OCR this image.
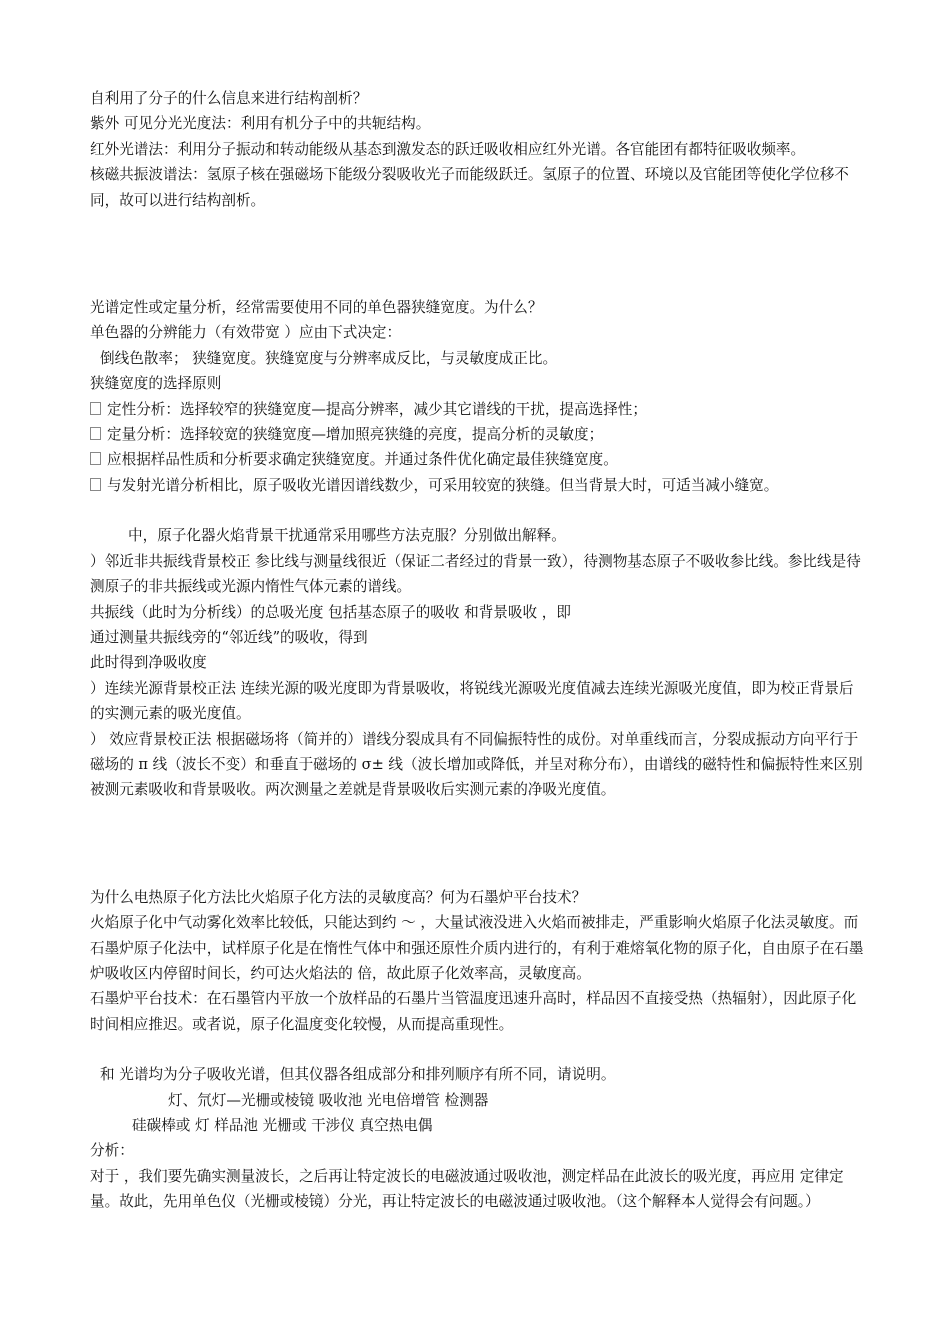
自利用了分子的什么信息来进行结构剖析？

紫外 可见分光光度法：利用有机分子中的共轭结构。

红外光谱法：利用分子振动和转动能级从基态到激发态的跃迁吸收相应红外光谱。各官能团有都特征吸收频率。

核磁共振波谱法：氢原子核在强磁场下能级分裂吸收光子而能级跃迁。氢原子的位置、环境以及官能团等使化学位移不同，故可以进行结构剖析。

光谱定性或定量分析，经常需要使用不同的单色器狭缝宽度。为什么？

单色器的分辨能力（有效带宽 ）应由下式决定：

倒线色散率； 狭缝宽度。狭缝宽度与分辨率成反比，与灵敏度成正比。

狭缝宽度的选择原则

定性分析：选择较窄的狭缝宽度—提高分辨率，减少其它谱线的干扰，提高选择性；

定量分析：选择较宽的狭缝宽度—增加照亮狭缝的亮度，提高分析的灵敏度；

应根据样品性质和分析要求确定狭缝宽度。并通过条件优化确定最佳狭缝宽度。

与发射光谱分析相比，原子吸收光谱因谱线数少，可采用较宽的狭缝。但当背景大时，可适当减小缝宽。

中，原子化器火焰背景干扰通常采用哪些方法克服？分别做出解释。

）邻近非共振线背景校正 参比线与测量线很近（保证二者经过的背景一致），待测物基态原子不吸收参比线。参比线是待测原子的非共振线或光源内惰性气体元素的谱线。

共振线（此时为分析线）的总吸光度 包括基态原子的吸收 和背景吸收 ，即

通过测量共振线旁的“邻近线”的吸收，得到

此时得到净吸收度

）连续光源背景校正法 连续光源的吸光度即为背景吸收，将锐线光源吸光度值减去连续光源吸光度值，即为校正背景后的实测元素的吸光度值。

） 效应背景校正法 根据磁场将（简并的）谱线分裂成具有不同偏振特性的成份。对单重线而言，分裂成振动方向平行于磁场的 π 线（波长不变）和垂直于磁场的 σ± 线（波长增加或降低，并呈对称分布），由谱线的磁特性和偏振特性来区别被测元素吸收和背景吸收。两次测量之差就是背景吸收后实测元素的净吸光度值。

为什么电热原子化方法比火焰原子化方法的灵敏度高？何为石墨炉平台技术？

火焰原子化中气动雾化效率比较低，只能达到约 ～ ，大量试液没进入火焰而被排走，严重影响火焰原子化法灵敏度。而石墨炉原子化法中，试样原子化是在惰性气体中和强还原性介质内进行的，有利于难熔氧化物的原子化，自由原子在石墨炉吸收区内停留时间长，约可达火焰法的 倍，故此原子化效率高，灵敏度高。

石墨炉平台技术：在石墨管内平放一个放样品的石墨片当管温度迅速升高时，样品因不直接受热（热辐射），因此原子化时间相应推迟。或者说，原子化温度变化较慢，从而提高重现性。

和 光谱均为分子吸收光谱，但其仪器各组成部分和排列顺序有所不同，请说明。

灯、氘灯—光栅或棱镜 吸收池 光电倍增管 检测器

硅碳棒或 灯 样品池 光栅或 干涉仪 真空热电偶

分析：

对于 ，我们要先确实测量波长，之后再让特定波长的电磁波通过吸收池，测定样品在此波长的吸光度，再应用 定律定量。故此，先用单色仪（光栅或棱镜）分光，再让特定波长的电磁波通过吸收池。（这个解释本人觉得会有问题。）
